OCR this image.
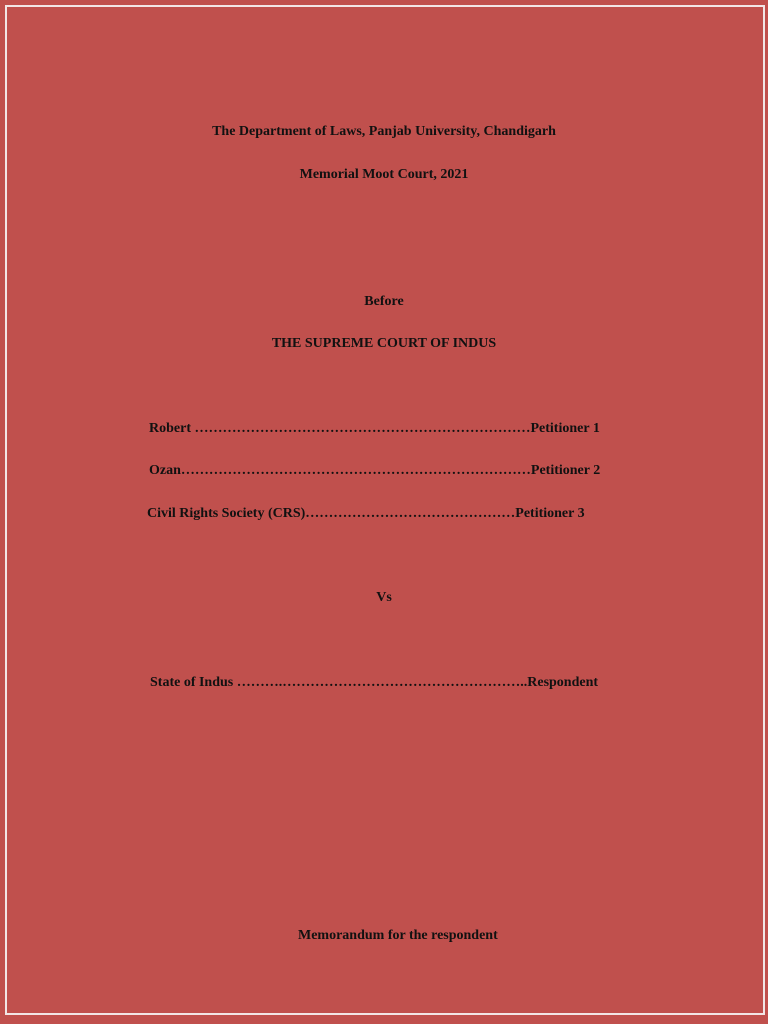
The Department of Laws, Panjab University, Chandigarh
Memorial Moot Court, 2021
Before
THE SUPREME COURT OF INDUS
Robert ………………………………………………………………Petitioner 1
Ozan…………………………………………………………………Petitioner 2
Civil Rights Society (CRS)………………………………………Petitioner 3
Vs
State of Indus ……….……………………………………………..Respondent
Memorandum for the respondent
